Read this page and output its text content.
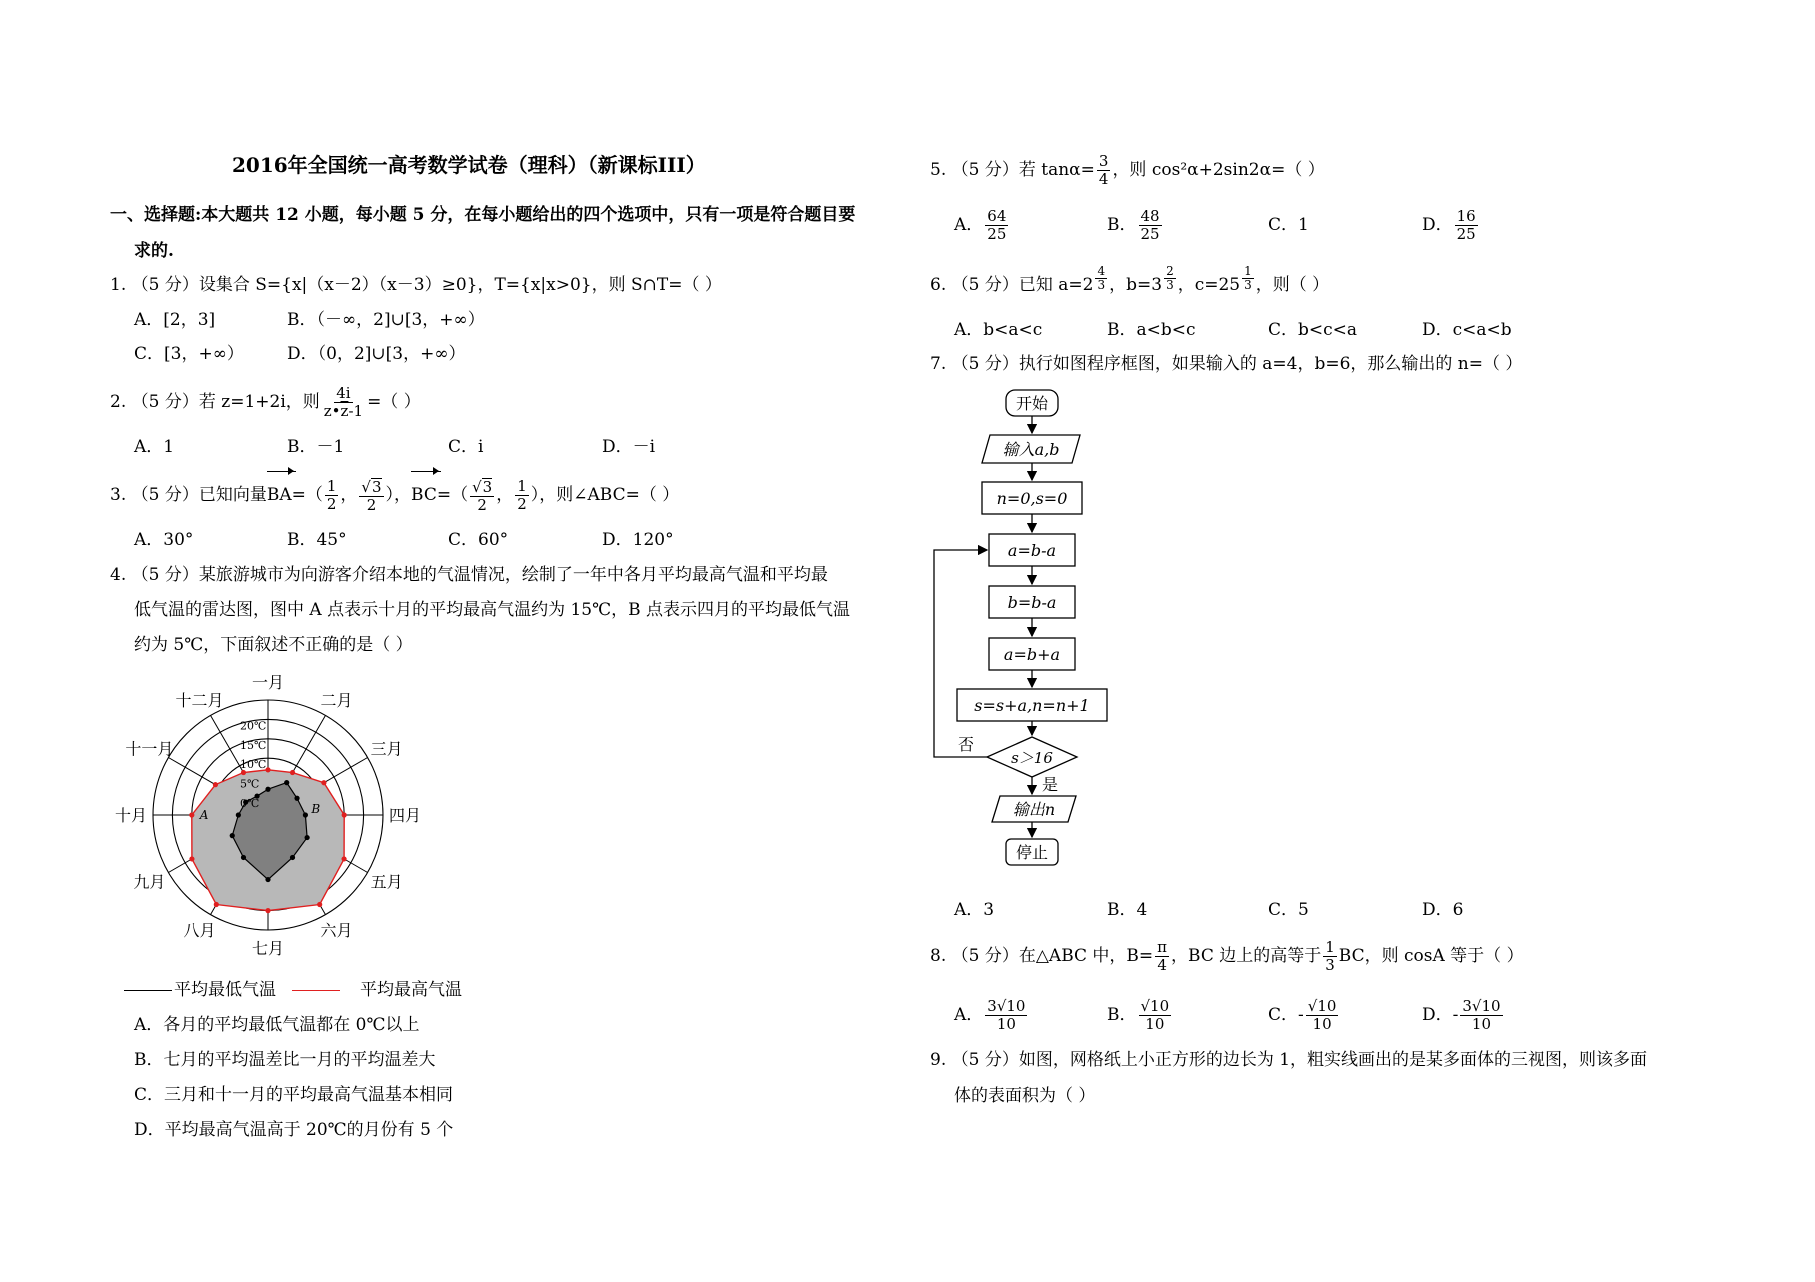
2016年全国统一高考数学试卷（理科）（新课标III）
一、选择题:本大题共 12 小题，每小题 5 分，在每小题给出的四个选项中，只有一项是符合题目要
求的.
1. （5 分）设集合 S={x|（x－2）（x－3）≥0}，T={x|x>0}，则 S∩T=（ ）
A．[2，3]	B．（－∞，2]∪[3，+∞）
C．[3，+∞）	D．（0，2]∪[3，+∞）
2. （5 分）若 z=1+2i，则 $\frac{4i}{z•\overline{z}-1}$ =（ ）
A．1	B．－1	C．i	D．－i
3. （5 分）已知向量$BA=( \frac{1}{2}$ ， $\frac{√3}{2}$ ），$BC=( \frac{√3}{2}$ ， $\frac{1}{2}$ ），则∠ABC=（ ）
A．30°	B．45°	C．60°	D．120°
4. （5 分）某旅游城市为向游客介绍本地的气温情况，绘制了一年中各月平均最高气温和平均最
低气温的雷达图，图中 A 点表示十月的平均最高气温约为 15℃，B 点表示四月的平均最低气温
约为 5℃，下面叙述不正确的是（ ）
20℃
15℃
10℃
5℃
0℃
一月
二月
三月
四月
五月
六月
七月
八月
九月
十月
十一月
十二月
A	B
平均最低气温	平均最高气温
A．各月的平均最低气温都在 0℃以上
B．七月的平均温差比一月的平均温差大
C．三月和十一月的平均最高气温基本相同
D．平均最高气温高于 20℃的月份有 5 个
5. （5 分）若 $\tan\alpha= \frac{3}{4}$ ，则 cos²α+2sin2α=（ ）
A． $\frac{64}{25}$	B． $\frac{48}{25}$	C．1	D． $\frac{16}{25}$
6. （5 分）已知 $a=2 \frac{4}{3}$ ，$b=3 \frac{2}{3}$ ，$c=25 \frac{1}{3}$ ，则（ ）
A．b<a<c	B．a<b<c	C．b<c<a	D．c<a<b
7. （5 分）执行如图程序框图，如果输入的 a=4，b=6，那么输出的 n=（ ）
开始
输入a,b
n=0,s=0
a=b-a
b=b-a
a=b+a
s=s+a,n=n+1
s＞16
否
是
输出n
停止
A．3	B．4	C．5	D．6
8. （5 分）在△ABC 中，$B= \frac{\pi}{4}$ ，BC 边上的高等于 $\frac{1}{3}$ BC，则 cosA 等于（ ）
A． $\frac{3√10}{10}$	B． $\frac{√10}{10}$	C．- $\frac{√10}{10}$	D．- $\frac{3√10}{10}$
9. （5 分）如图，网格纸上小正方形的边长为 1，粗实线画出的是某多面体的三视图，则该多面
体的表面积为（ ）
